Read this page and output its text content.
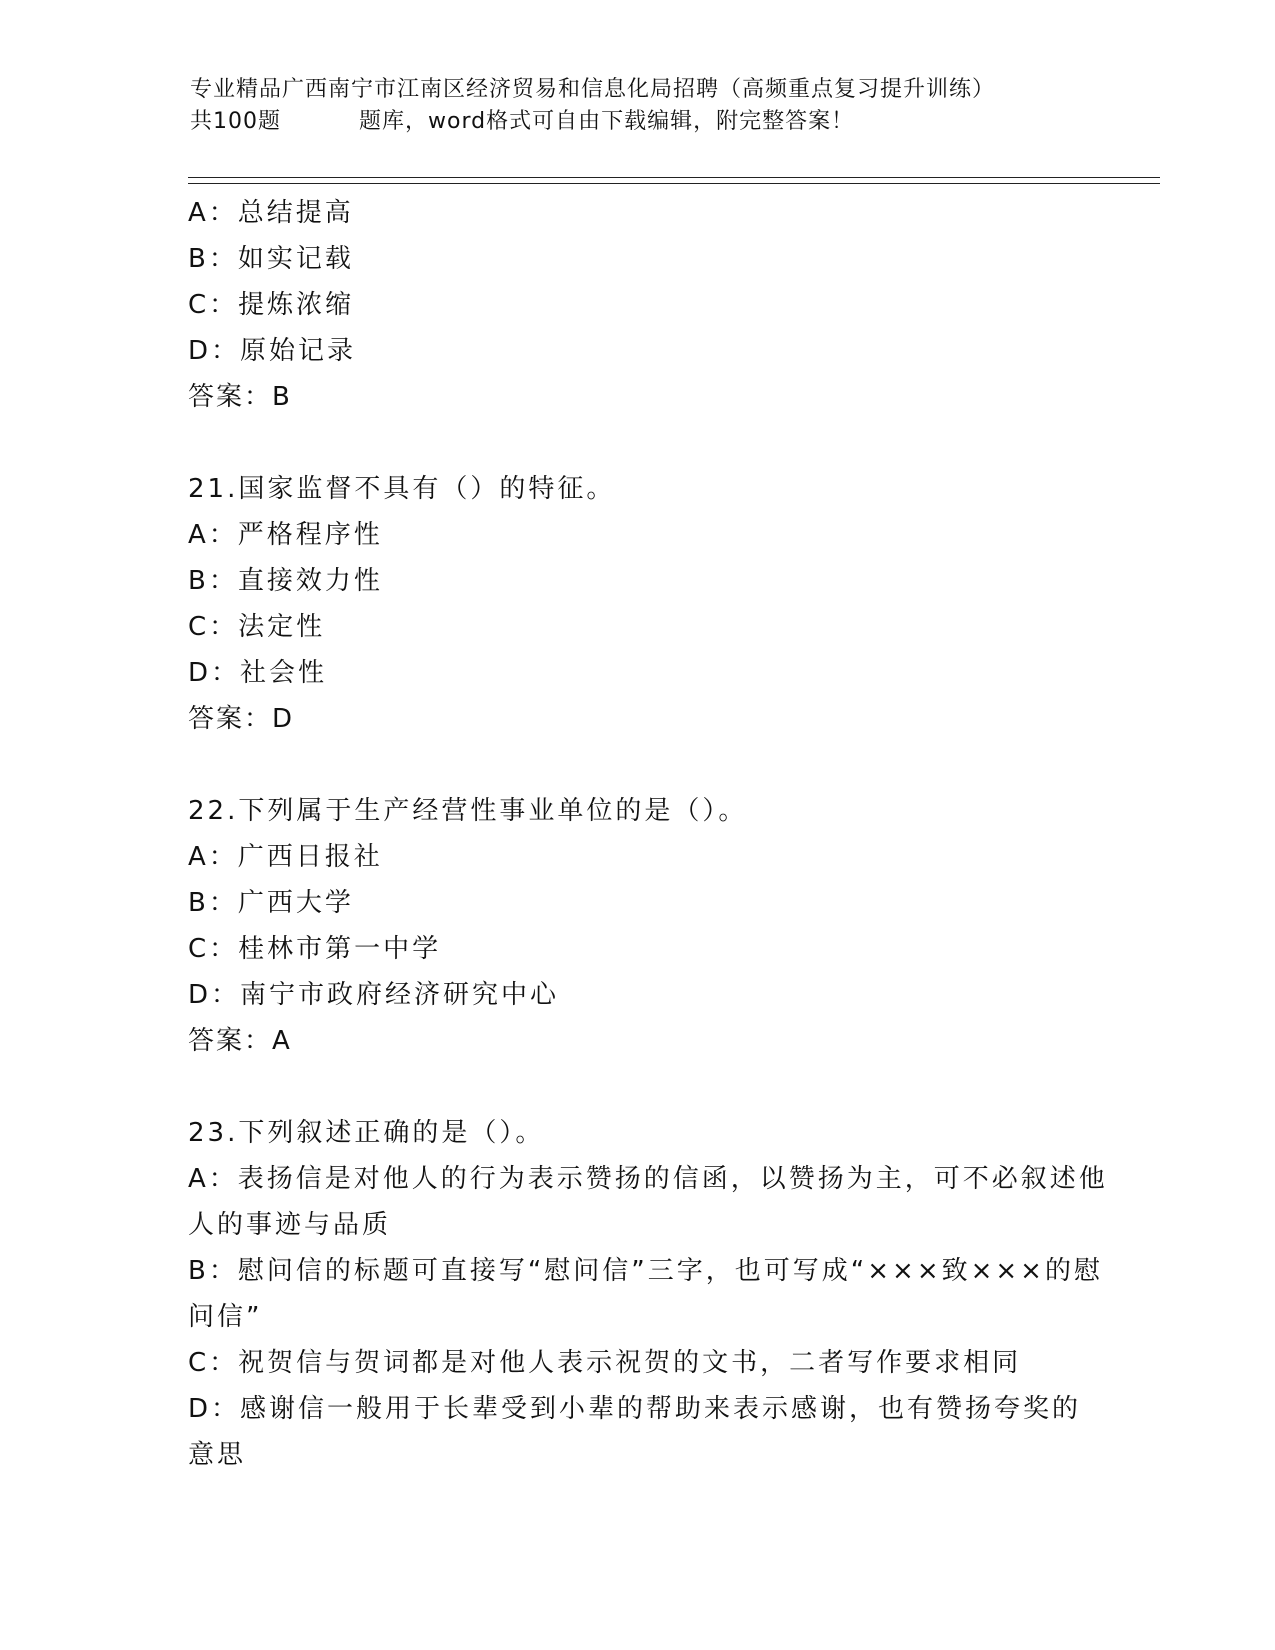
专业精品广西南宁市江南区经济贸易和信息化局招聘（高频重点复习提升训练）
共100题	题库，word格式可自由下载编辑，附完整答案！
A：总结提高
B：如实记载
C：提炼浓缩
D：原始记录
答案：B
21.国家监督不具有（）的特征。
A：严格程序性
B：直接效力性
C：法定性
D：社会性
答案：D
22.下列属于生产经营性事业单位的是（）。
A：广西日报社
B：广西大学
C：桂林市第一中学
D：南宁市政府经济研究中心
答案：A
23.下列叙述正确的是（）。
A：表扬信是对他人的行为表示赞扬的信函，以赞扬为主，可不必叙述他人的事迹与品质
B：慰问信的标题可直接写“慰问信”三字，也可写成“×××致×××的慰问信”
C：祝贺信与贺词都是对他人表示祝贺的文书，二者写作要求相同
D：感谢信一般用于长辈受到小辈的帮助来表示感谢，也有赞扬夸奖的意思
